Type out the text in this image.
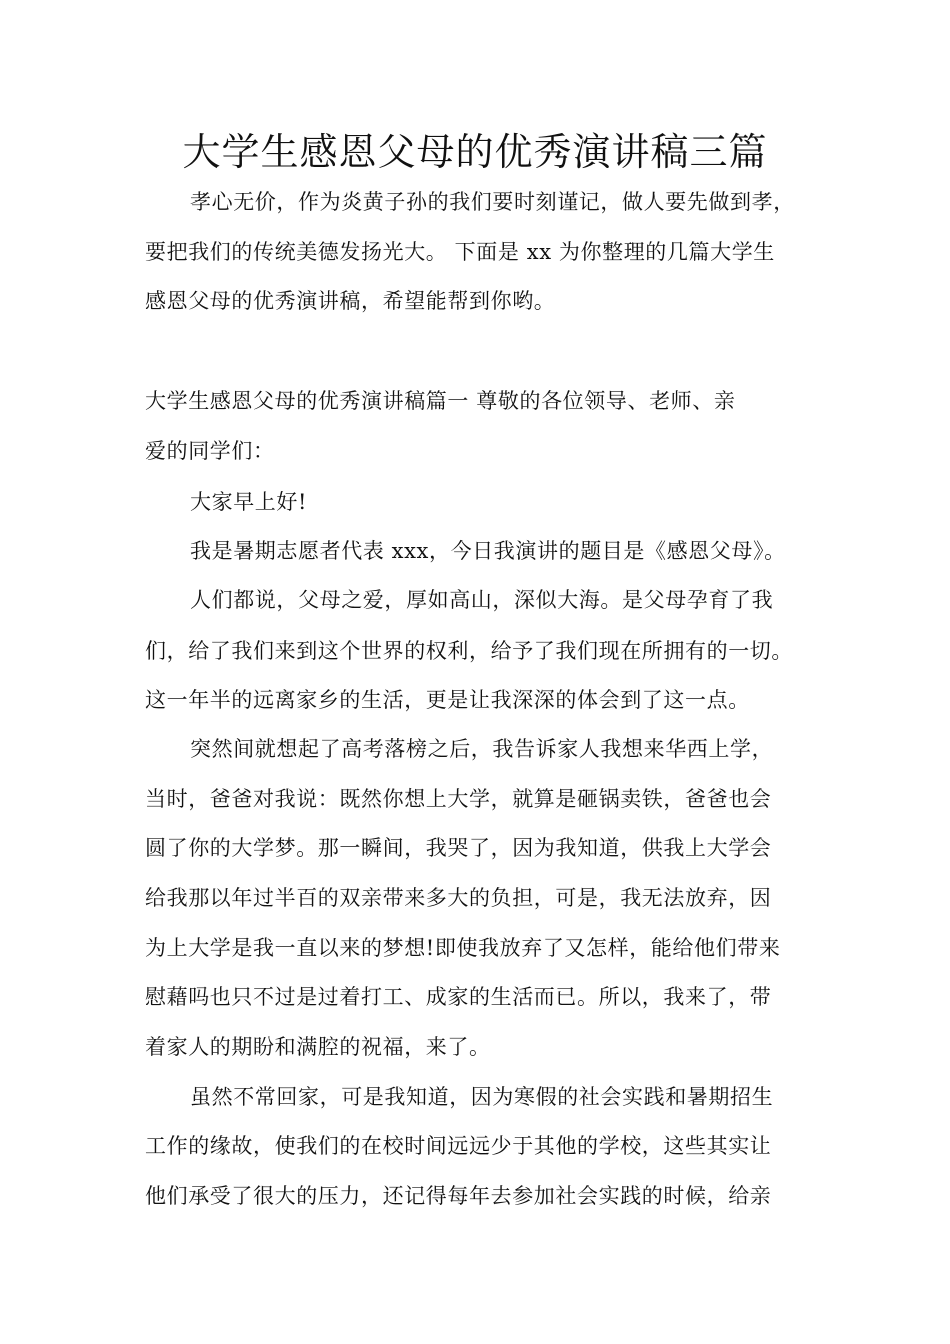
大学生感恩父母的优秀演讲稿三篇
孝心无价，作为炎黄子孙的我们要时刻谨记，做人要先做到孝，
要把我们的传统美德发扬光大。 下面是 xx 为你整理的几篇大学生
感恩父母的优秀演讲稿，希望能帮到你哟。
大学生感恩父母的优秀演讲稿篇一 尊敬的各位领导、老师、亲
爱的同学们：
大家早上好!
我是暑期志愿者代表 xxx，今日我演讲的题目是《感恩父母》。
人们都说，父母之爱，厚如高山，深似大海。是父母孕育了我
们，给了我们来到这个世界的权利，给予了我们现在所拥有的一切。
这一年半的远离家乡的生活，更是让我深深的体会到了这一点。
突然间就想起了高考落榜之后，我告诉家人我想来华西上学，
当时，爸爸对我说：既然你想上大学，就算是砸锅卖铁，爸爸也会
圆了你的大学梦。那一瞬间，我哭了，因为我知道，供我上大学会
给我那以年过半百的双亲带来多大的负担，可是，我无法放弃，因
为上大学是我一直以来的梦想!即使我放弃了又怎样，能给他们带来
慰藉吗也只不过是过着打工、成家的生活而已。所以，我来了，带
着家人的期盼和满腔的祝福，来了。
虽然不常回家，可是我知道，因为寒假的社会实践和暑期招生
工作的缘故，使我们的在校时间远远少于其他的学校，这些其实让
他们承受了很大的压力，还记得每年去参加社会实践的时候，给亲
